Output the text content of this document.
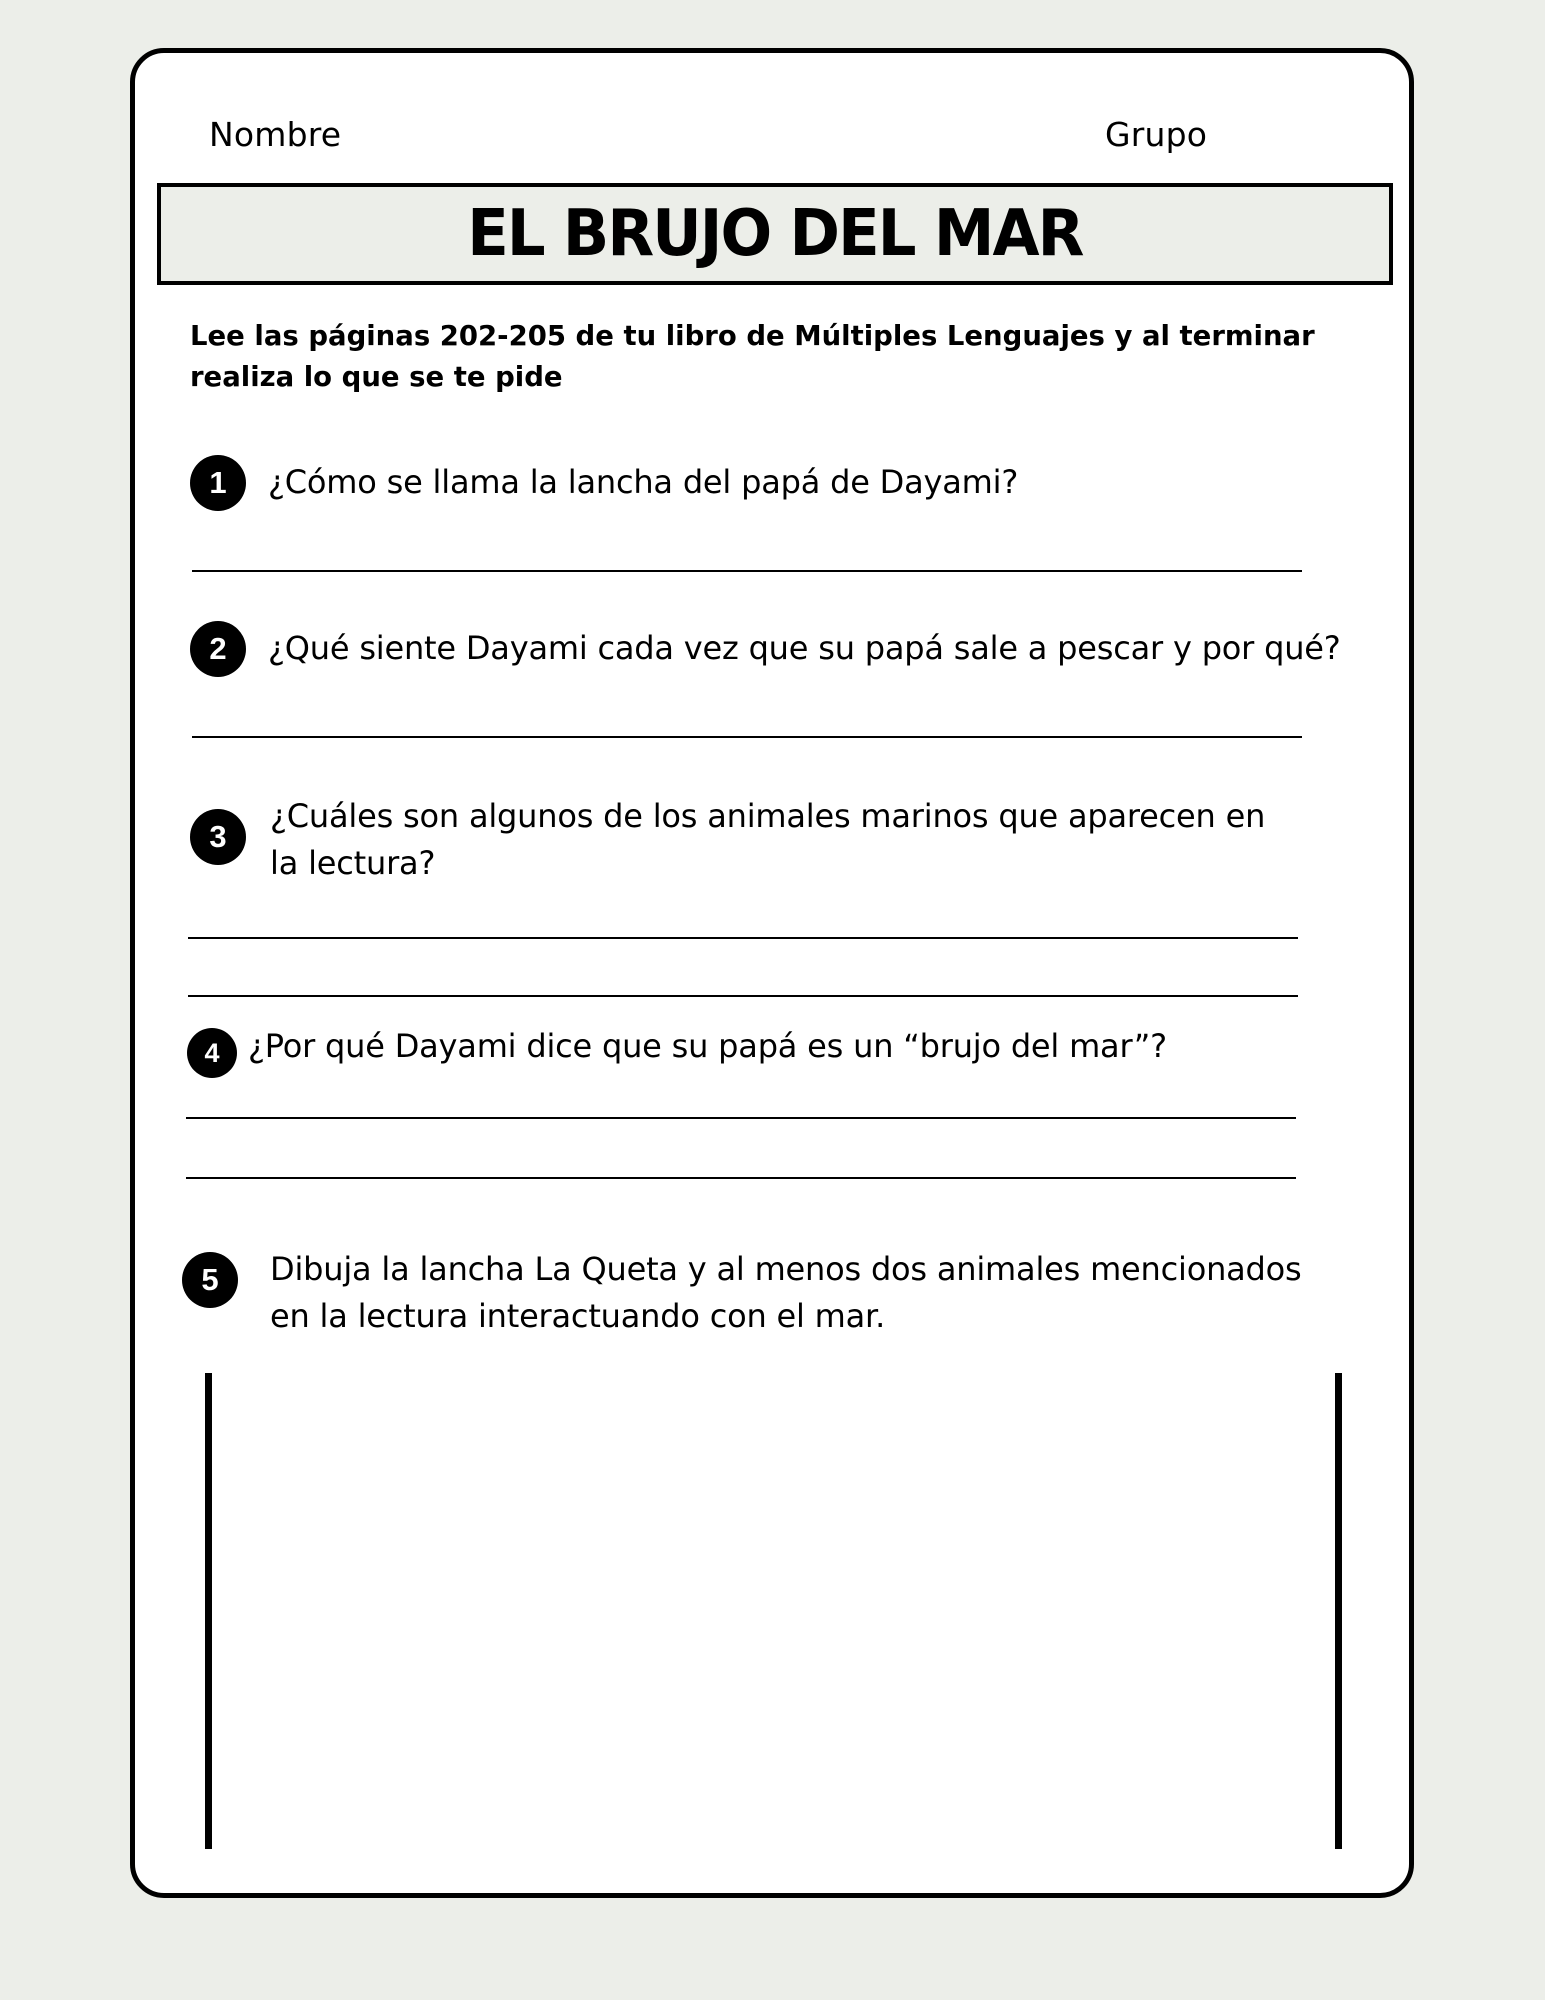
Nombre	Grupo
EL BRUJO DEL MAR
Lee las páginas 202-205 de tu libro de Múltiples Lenguajes y al terminar realiza lo que se te pide
1	¿Cómo se llama la lancha del papá de Dayami?
2	¿Qué siente Dayami cada vez que su papá sale a pescar y por qué?
3
¿Cuáles son algunos de los animales marinos que aparecen en la lectura?
4 ¿Por qué Dayami dice que su papá es un “brujo del mar”?
5	Dibuja la lancha La Queta y al menos dos animales mencionados en la lectura interactuando con el mar.
